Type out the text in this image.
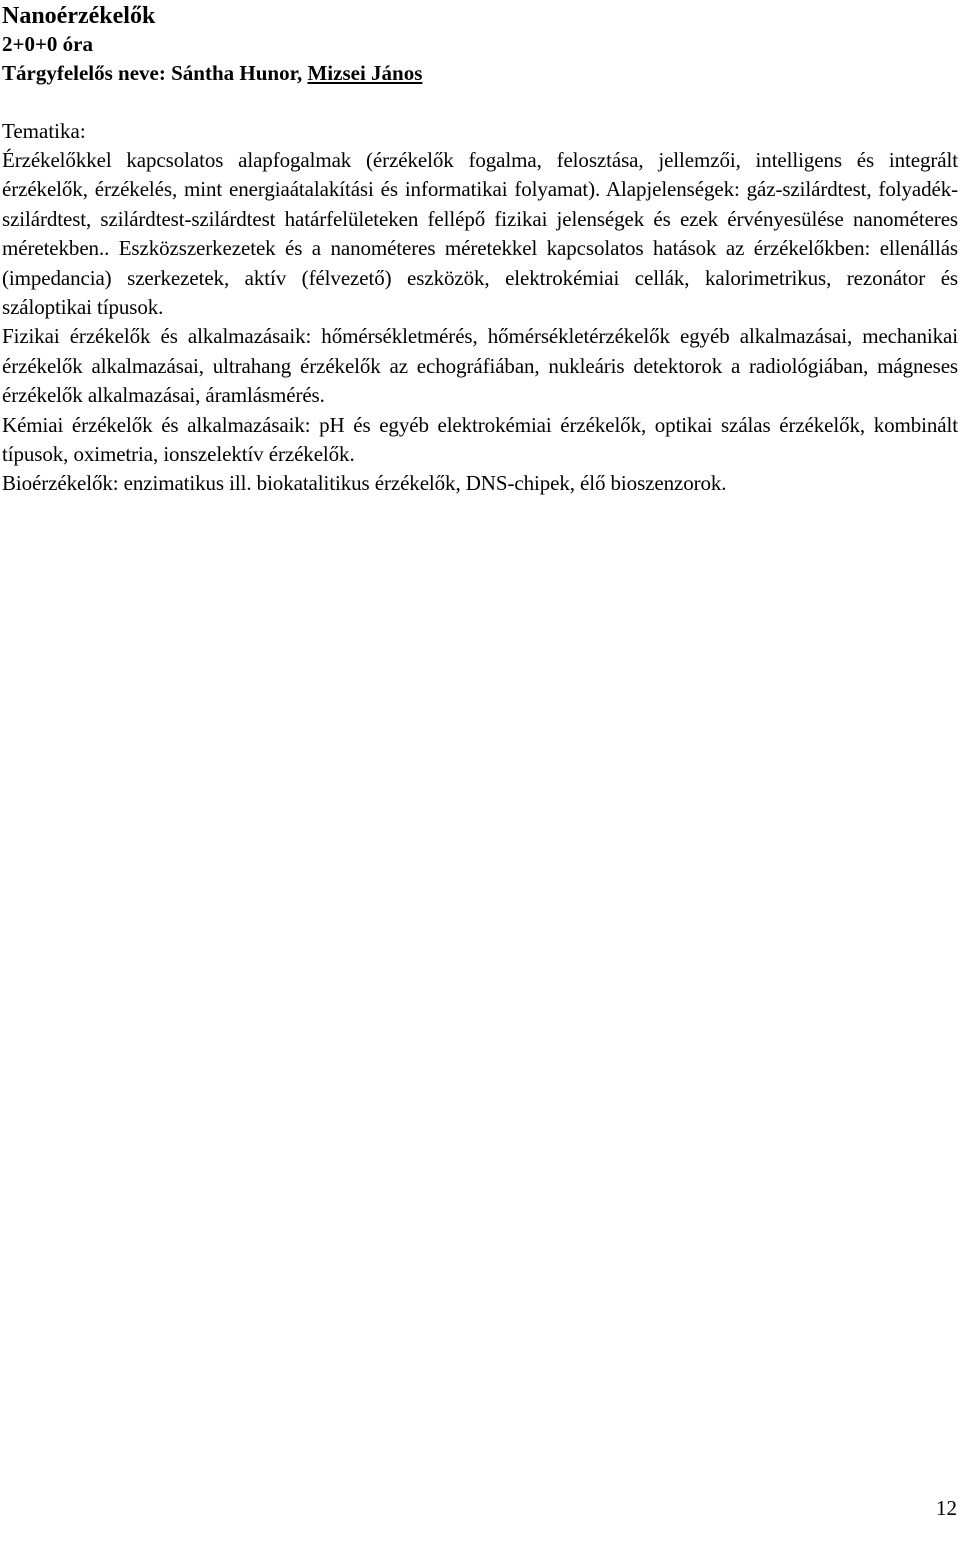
Nanoérzékelők

2+0+0 óra

Tárgyfelelős neve: Sántha Hunor, Mizsei János

Tematika:

Érzékelőkkel kapcsolatos alapfogalmak (érzékelők fogalma, felosztása, jellemzői, intelligens és integrált érzékelők, érzékelés, mint energiaátalakítási és informatikai folyamat). Alapjelenségek: gáz-szilárdtest, folyadék-szilárdtest, szilárdtest-szilárdtest határfelületeken fellépő fizikai jelenségek és ezek érvényesülése nanométeres méretekben.. Eszközszerkezetek és a nanométeres méretekkel kapcsolatos hatások az érzékelőkben: ellenállás (impedancia) szerkezetek, aktív (félvezető) eszközök, elektrokémiai cellák, kalorimetrikus, rezonátor és száloptikai típusok.

Fizikai érzékelők és alkalmazásaik: hőmérsékletmérés, hőmérsékletérzékelők egyéb alkalmazásai, mechanikai érzékelők alkalmazásai, ultrahang érzékelők az echográfiában, nukleáris detektorok a radiológiában, mágneses érzékelők alkalmazásai, áramlásmérés.

Kémiai érzékelők és alkalmazásaik: pH és egyéb elektrokémiai érzékelők, optikai szálas érzékelők, kombinált típusok, oximetria, ionszelektív érzékelők.

Bioérzékelők: enzimatikus ill. biokatalitikus érzékelők, DNS-chipek, élő bioszenzorok.

12
